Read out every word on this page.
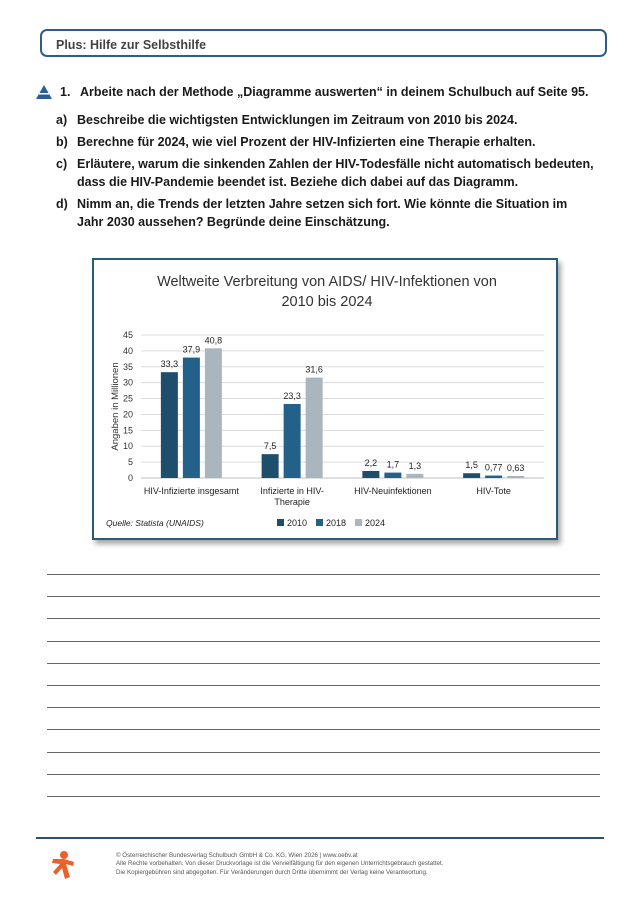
Plus: Hilfe zur Selbsthilfe
1. Arbeite nach der Methode „Diagramme auswerten“ in deinem Schulbuch auf Seite 95.
a) Beschreibe die wichtigsten Entwicklungen im Zeitraum von 2010 bis 2024.
b) Berechne für 2024, wie viel Prozent der HIV-Infizierten eine Therapie erhalten.
c) Erläutere, warum die sinkenden Zahlen der HIV-Todesfälle nicht automatisch bedeuten, dass die HIV-Pandemie beendet ist. Beziehe dich dabei auf das Diagramm.
d) Nimm an, die Trends der letzten Jahre setzen sich fort. Wie könnte die Situation im Jahr 2030 aussehen? Begründe deine Einschätzung.
Weltweite Verbreitung von AIDS/ HIV-Infektionen von
2010 bis 2024
0
5
10
15
20
25
30
35
40
45
Angaben in Millionen	33,3
37,9
40,8
HIV-Infizierte insgesamt
7,5
23,3
31,6
Infizierte in HIV-
Therapie
2,2 1,7 1,3
HIV-Neuinfektionen
1,5 0,77 0,63
HIV-Tote
2010 2018 2024
Quelle: Statista (UNAIDS)
© Österreichischer Bundesverlag Schulbuch GmbH & Co. KG, Wien 2026 | www.oebv.at
Alle Rechte vorbehalten. Von dieser Druckvorlage ist die Vervielfältigung für den eigenen Unterrichtsgebrauch gestattet.
Die Kopiergebühren sind abgegolten. Für Veränderungen durch Dritte übernimmt der Verlag keine Verantwortung.
